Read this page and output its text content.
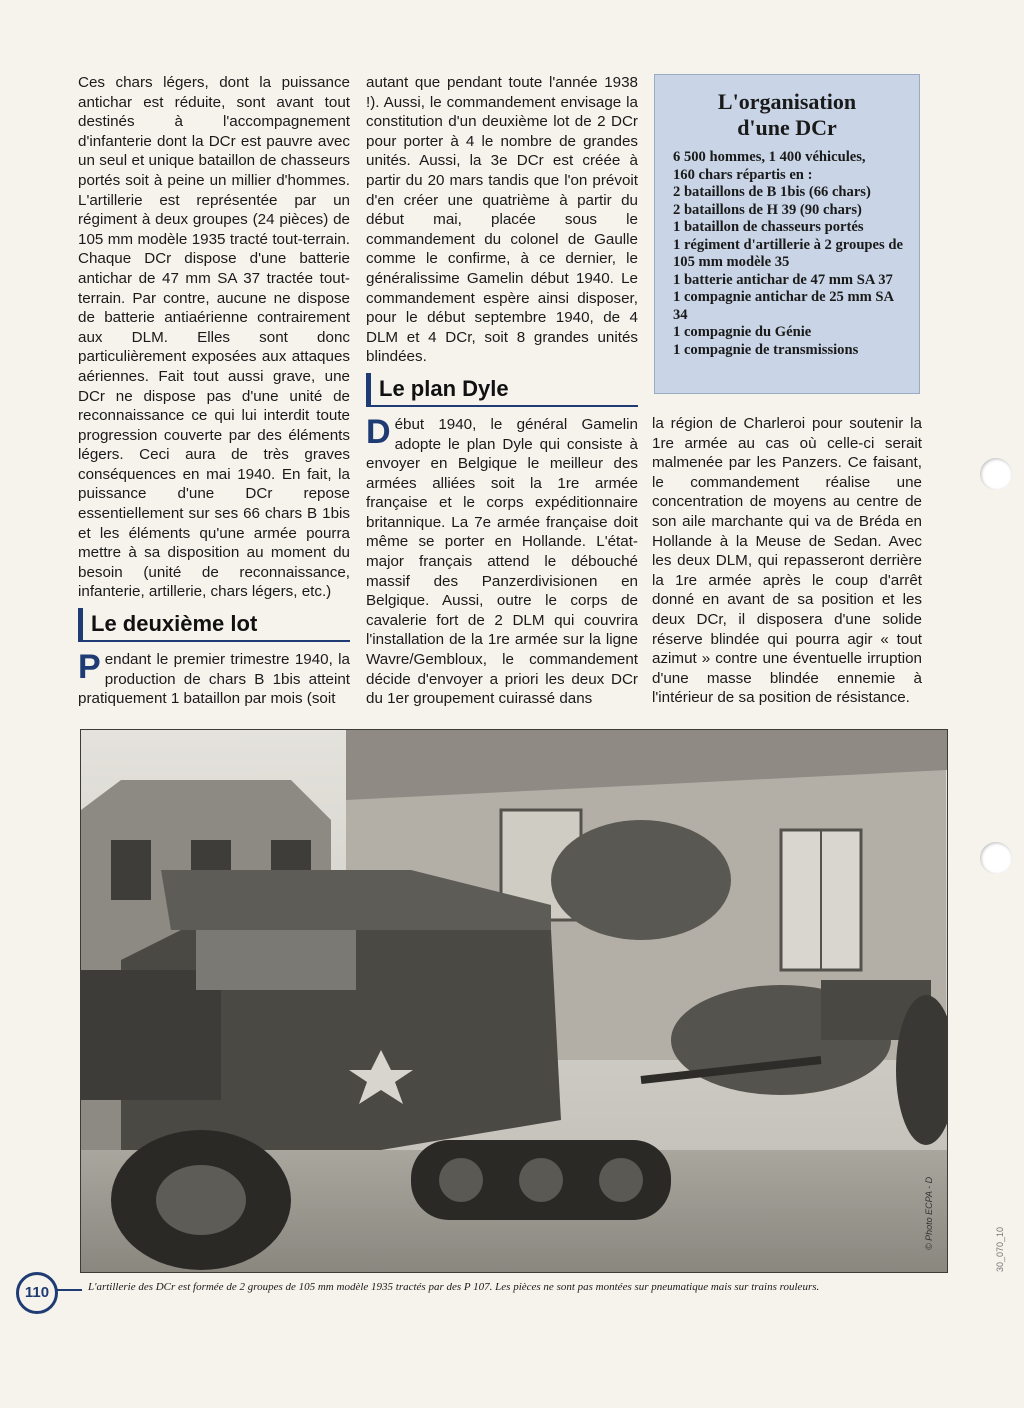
Ces chars légers, dont la puissance antichar est réduite, sont avant tout destinés à l'accompagnement d'infanterie dont la DCr est pauvre avec un seul et unique bataillon de chasseurs portés soit à peine un millier d'hommes. L'artillerie est représentée par un régiment à deux groupes (24 pièces) de 105 mm modèle 1935 tracté tout-terrain. Chaque DCr dispose d'une batterie antichar de 47 mm SA 37 tractée tout-terrain. Par contre, aucune ne dispose de batterie antiaérienne contrairement aux DLM. Elles sont donc particulièrement exposées aux attaques aériennes. Fait tout aussi grave, une DCr ne dispose pas d'une unité de reconnaissance ce qui lui interdit toute progression couverte par des éléments légers. Ceci aura de très graves conséquences en mai 1940. En fait, la puissance d'une DCr repose essentiellement sur ses 66 chars B 1bis et les éléments qu'une armée pourra mettre à sa disposition au moment du besoin (unité de reconnaissance, infanterie, artillerie, chars légers, etc.)

Le deuxième lot

Pendant le premier trimestre 1940, la production de chars B 1bis atteint pratiquement 1 bataillon par mois (soit

autant que pendant toute l'année 1938 !). Aussi, le commandement envisage la constitution d'un deuxième lot de 2 DCr pour porter à 4 le nombre de grandes unités. Aussi, la 3e DCr est créée à partir du 20 mars tandis que l'on prévoit d'en créer une quatrième à partir du début mai, placée sous le commandement du colonel de Gaulle comme le confirme, à ce dernier, le généralissime Gamelin début 1940. Le commandement espère ainsi disposer, pour le début septembre 1940, de 4 DLM et 4 DCr, soit 8 grandes unités blindées.

Le plan Dyle

Début 1940, le général Gamelin adopte le plan Dyle qui consiste à envoyer en Belgique le meilleur des armées alliées soit la 1re armée française et le corps expéditionnaire britannique. La 7e armée française doit même se porter en Hollande. L'état-major français attend le débouché massif des Panzerdivisionen en Belgique. Aussi, outre le corps de cavalerie fort de 2 DLM qui couvrira l'installation de la 1re armée sur la ligne Wavre/Gembloux, le commandement décide d'envoyer a priori les deux DCr du 1er groupement cuirassé dans

L'organisation
d'une DCr
6 500 hommes, 1 400 véhicules,
160 chars répartis en :
2 bataillons de B 1bis (66 chars)
2 bataillons de H 39 (90 chars)
1 bataillon de chasseurs portés
1 régiment d'artillerie à 2 groupes de 105 mm modèle 35
1 batterie antichar de 47 mm SA 37
1 compagnie antichar de 25 mm SA 34
1 compagnie du Génie
1 compagnie de transmissions

la région de Charleroi pour soutenir la 1re armée au cas où celle-ci serait malmenée par les Panzers. Ce faisant, le commandement réalise une concentration de moyens au centre de son aile marchante qui va de Bréda en Hollande à la Meuse de Sedan. Avec les deux DLM, qui repasseront derrière la 1re armée après le coup d'arrêt donné en avant de sa position et les deux DCr, il disposera d'une solide réserve blindée qui pourra agir « tout azimut » contre une éventuelle irruption d'une masse blindée ennemie à l'intérieur de sa position de résistance.

© Photo ECPA - D
L'artillerie des DCr est formée de 2 groupes de 105 mm modèle 1935 tractés par des P 107. Les pièces ne sont pas montées sur pneumatique mais sur trains rouleurs.
110
30_070_10
